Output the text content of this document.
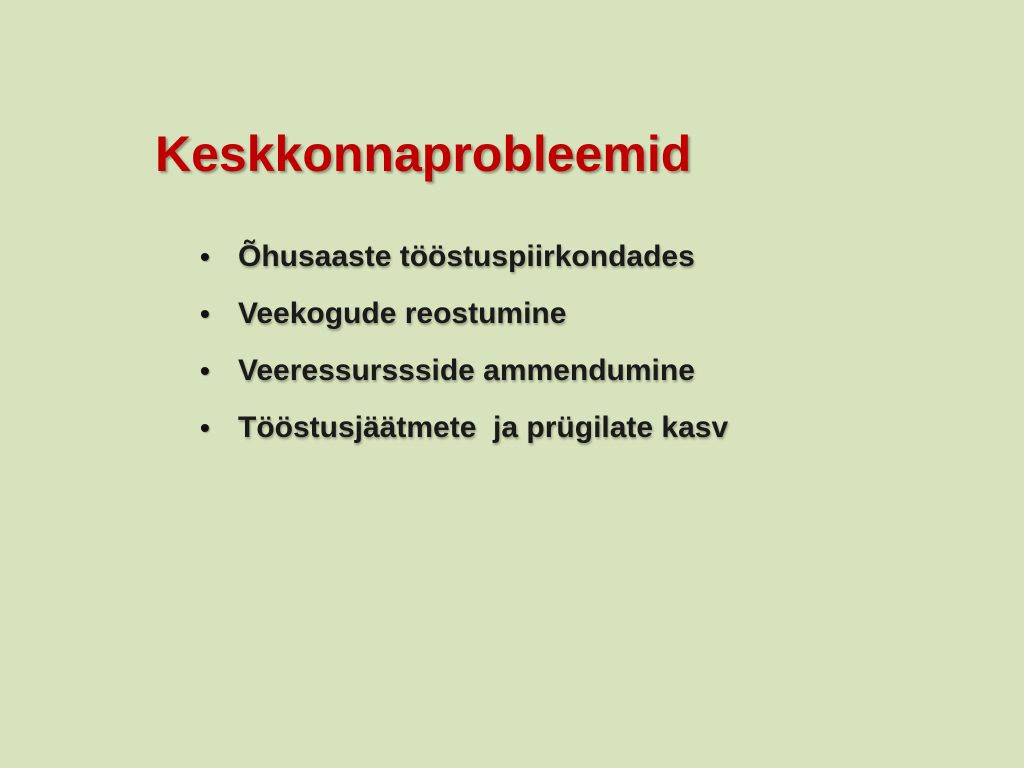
Keskkonnaprobleemid
• Õhusaaste tööstuspiirkondades
• Veekogude reostumine
• Veeressurssside ammendumine
• Tööstusjäätmete  ja prügilate kasv
